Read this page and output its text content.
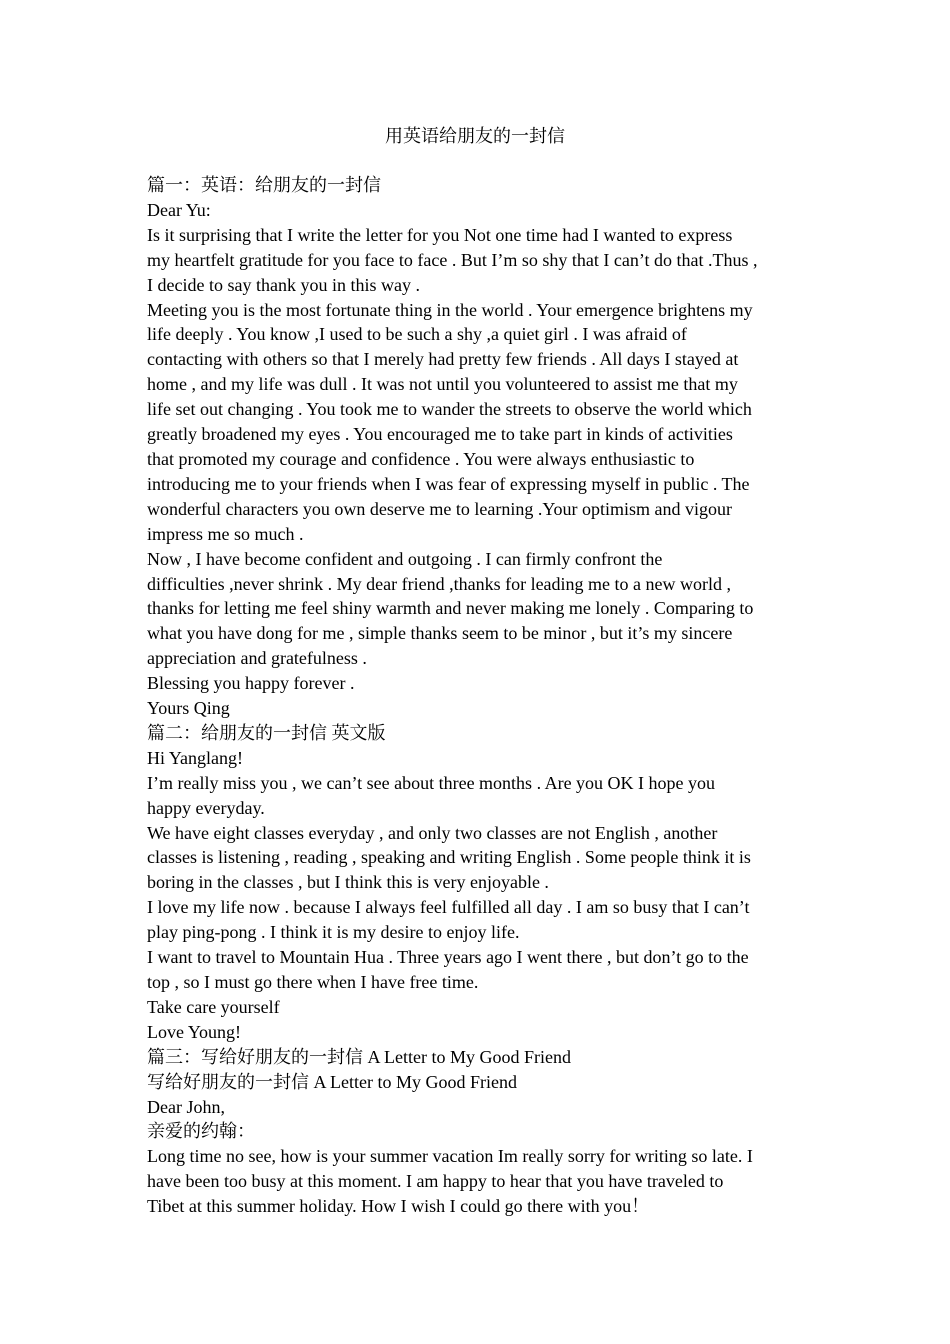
用英语给朋友的一封信
篇一：英语：给朋友的一封信
Dear Yu:
Is it surprising that I write the letter for you Not one time had I wanted to express
my heartfelt gratitude for you face to face . But I’m so shy that I can’t do that .Thus ,
I decide to say thank you in this way .
Meeting you is the most fortunate thing in the world . Your emergence brightens my
life deeply . You know ,I used to be such a shy ,a quiet girl . I was afraid of
contacting with others so that I merely had pretty few friends . All days I stayed at
home , and my life was dull . It was not until you volunteered to assist me that my
life set out changing . You took me to wander the streets to observe the world which
greatly broadened my eyes . You encouraged me to take part in kinds of activities
that promoted my courage and confidence . You were always enthusiastic to
introducing me to your friends when I was fear of expressing myself in public . The
wonderful characters you own deserve me to learning .Your optimism and vigour
impress me so much .
Now , I have become confident and outgoing . I can firmly confront the
difficulties ,never shrink . My dear friend ,thanks for leading me to a new world ,
thanks for letting me feel shiny warmth and never making me lonely . Comparing to
what you have dong for me , simple thanks seem to be minor , but it’s my sincere
appreciation and gratefulness .
Blessing you happy forever .
Yours Qing
篇二：给朋友的一封信 英文版
Hi Yanglang!
I’m really miss you , we can’t see about three months . Are you OK I hope you
happy everyday.
We have eight classes everyday , and only two classes are not English , another
classes is listening , reading , speaking and writing English . Some people think it is
boring in the classes , but I think this is very enjoyable .
I love my life now . because I always feel fulfilled all day . I am so busy that I can’t
play ping-pong . I think it is my desire to enjoy life.
I want to travel to Mountain Hua . Three years ago I went there , but don’t go to the
top , so I must go there when I have free time.
Take care yourself
Love Young!
篇三：写给好朋友的一封信 A Letter to My Good Friend
写给好朋友的一封信 A Letter to My Good Friend
Dear John,
亲爱的约翰：
Long time no see, how is your summer vacation Im really sorry for writing so late. I
have been too busy at this moment. I am happy to hear that you have traveled to
Tibet at this summer holiday. How I wish I could go there with you！
